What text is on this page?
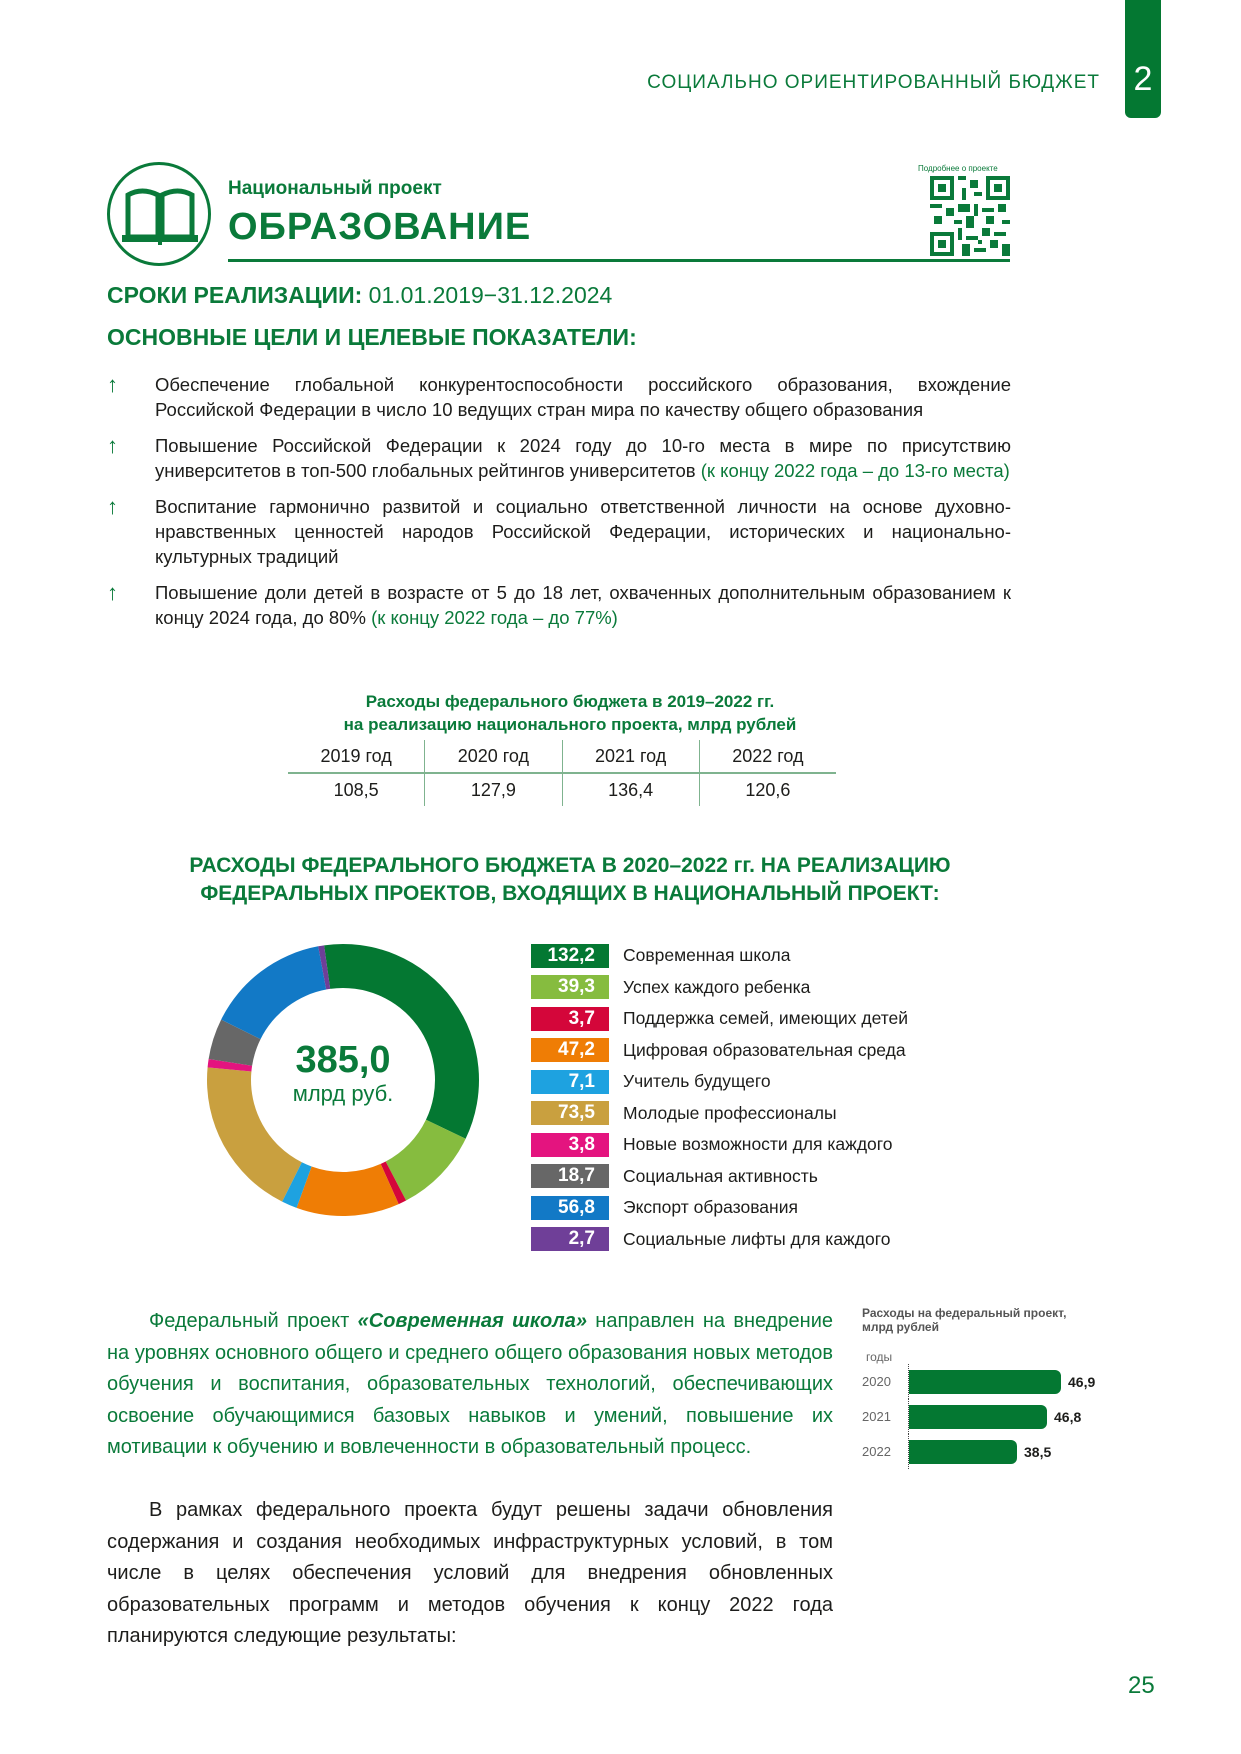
СОЦИАЛЬНО ОРИЕНТИРОВАННЫЙ БЮДЖЕТ 2
Национальный проект
ОБРАЗОВАНИЕ
Подробнее о проекте
СРОКИ РЕАЛИЗАЦИИ: 01.01.2019−31.12.2024
ОСНОВНЫЕ ЦЕЛИ И ЦЕЛЕВЫЕ ПОКАЗАТЕЛИ:
↑	Обеспечение глобальной конкурентоспособности российского образования, вхождение Российской Федерации в число 10 ведущих стран мира по качеству общего образования
↑	Повышение Российской Федерации к 2024 году до 10-го места в мире по присутствию университетов в топ-500 глобальных рейтингов университетов (к концу 2022 года – до 13-го места)
↑	Воспитание гармонично развитой и социально ответственной личности на основе духовно-нравственных ценностей народов Российской Федерации, исторических и национально-культурных традиций
↑	Повышение доли детей в возрасте от 5 до 18 лет, охваченных дополнительным образованием к концу 2024 года, до 80% (к концу 2022 года – до 77%)
Расходы федерального бюджета в 2019–2022 гг.
на реализацию национального проекта, млрд рублей
2019 год	2020 год	2021 год	2022 год
108,5	127,9	136,4	120,6
РАСХОДЫ ФЕДЕРАЛЬНОГО БЮДЖЕТА В 2020–2022 гг. НА РЕАЛИЗАЦИЮ
ФЕДЕРАЛЬНЫХ ПРОЕКТОВ, ВХОДЯЩИХ В НАЦИОНАЛЬНЫЙ ПРОЕКТ:
385,0
млрд руб.
132,2	Современная школа
39,3	Успех каждого ребенка
3,7	Поддержка семей, имеющих детей
47,2	Цифровая образовательная среда
7,1	Учитель будущего
73,5	Молодые профессионалы
3,8	Новые возможности для каждого
18,7	Социальная активность
56,8	Экспорт образования
2,7	Социальные лифты для каждого
Федеральный проект «Современная школа» направлен на внедрение на уровнях основного общего и среднего общего образования новых методов обучения и воспитания, образовательных технологий, обеспечивающих освоение обучающимися базовых навыков и умений, повышение их мотивации к обучению и вовлеченности в образовательный процесс.
В рамках федерального проекта будут решены задачи обновления содержания и создания необходимых инфраструктурных условий, в том числе в целях обеспечения условий для внедрения обновленных образовательных программ и методов обучения к концу 2022 года планируются следующие результаты:
Расходы на федеральный проект,
млрд рублей
годы
2020	46,9
2021	46,8
2022	38,5
25
